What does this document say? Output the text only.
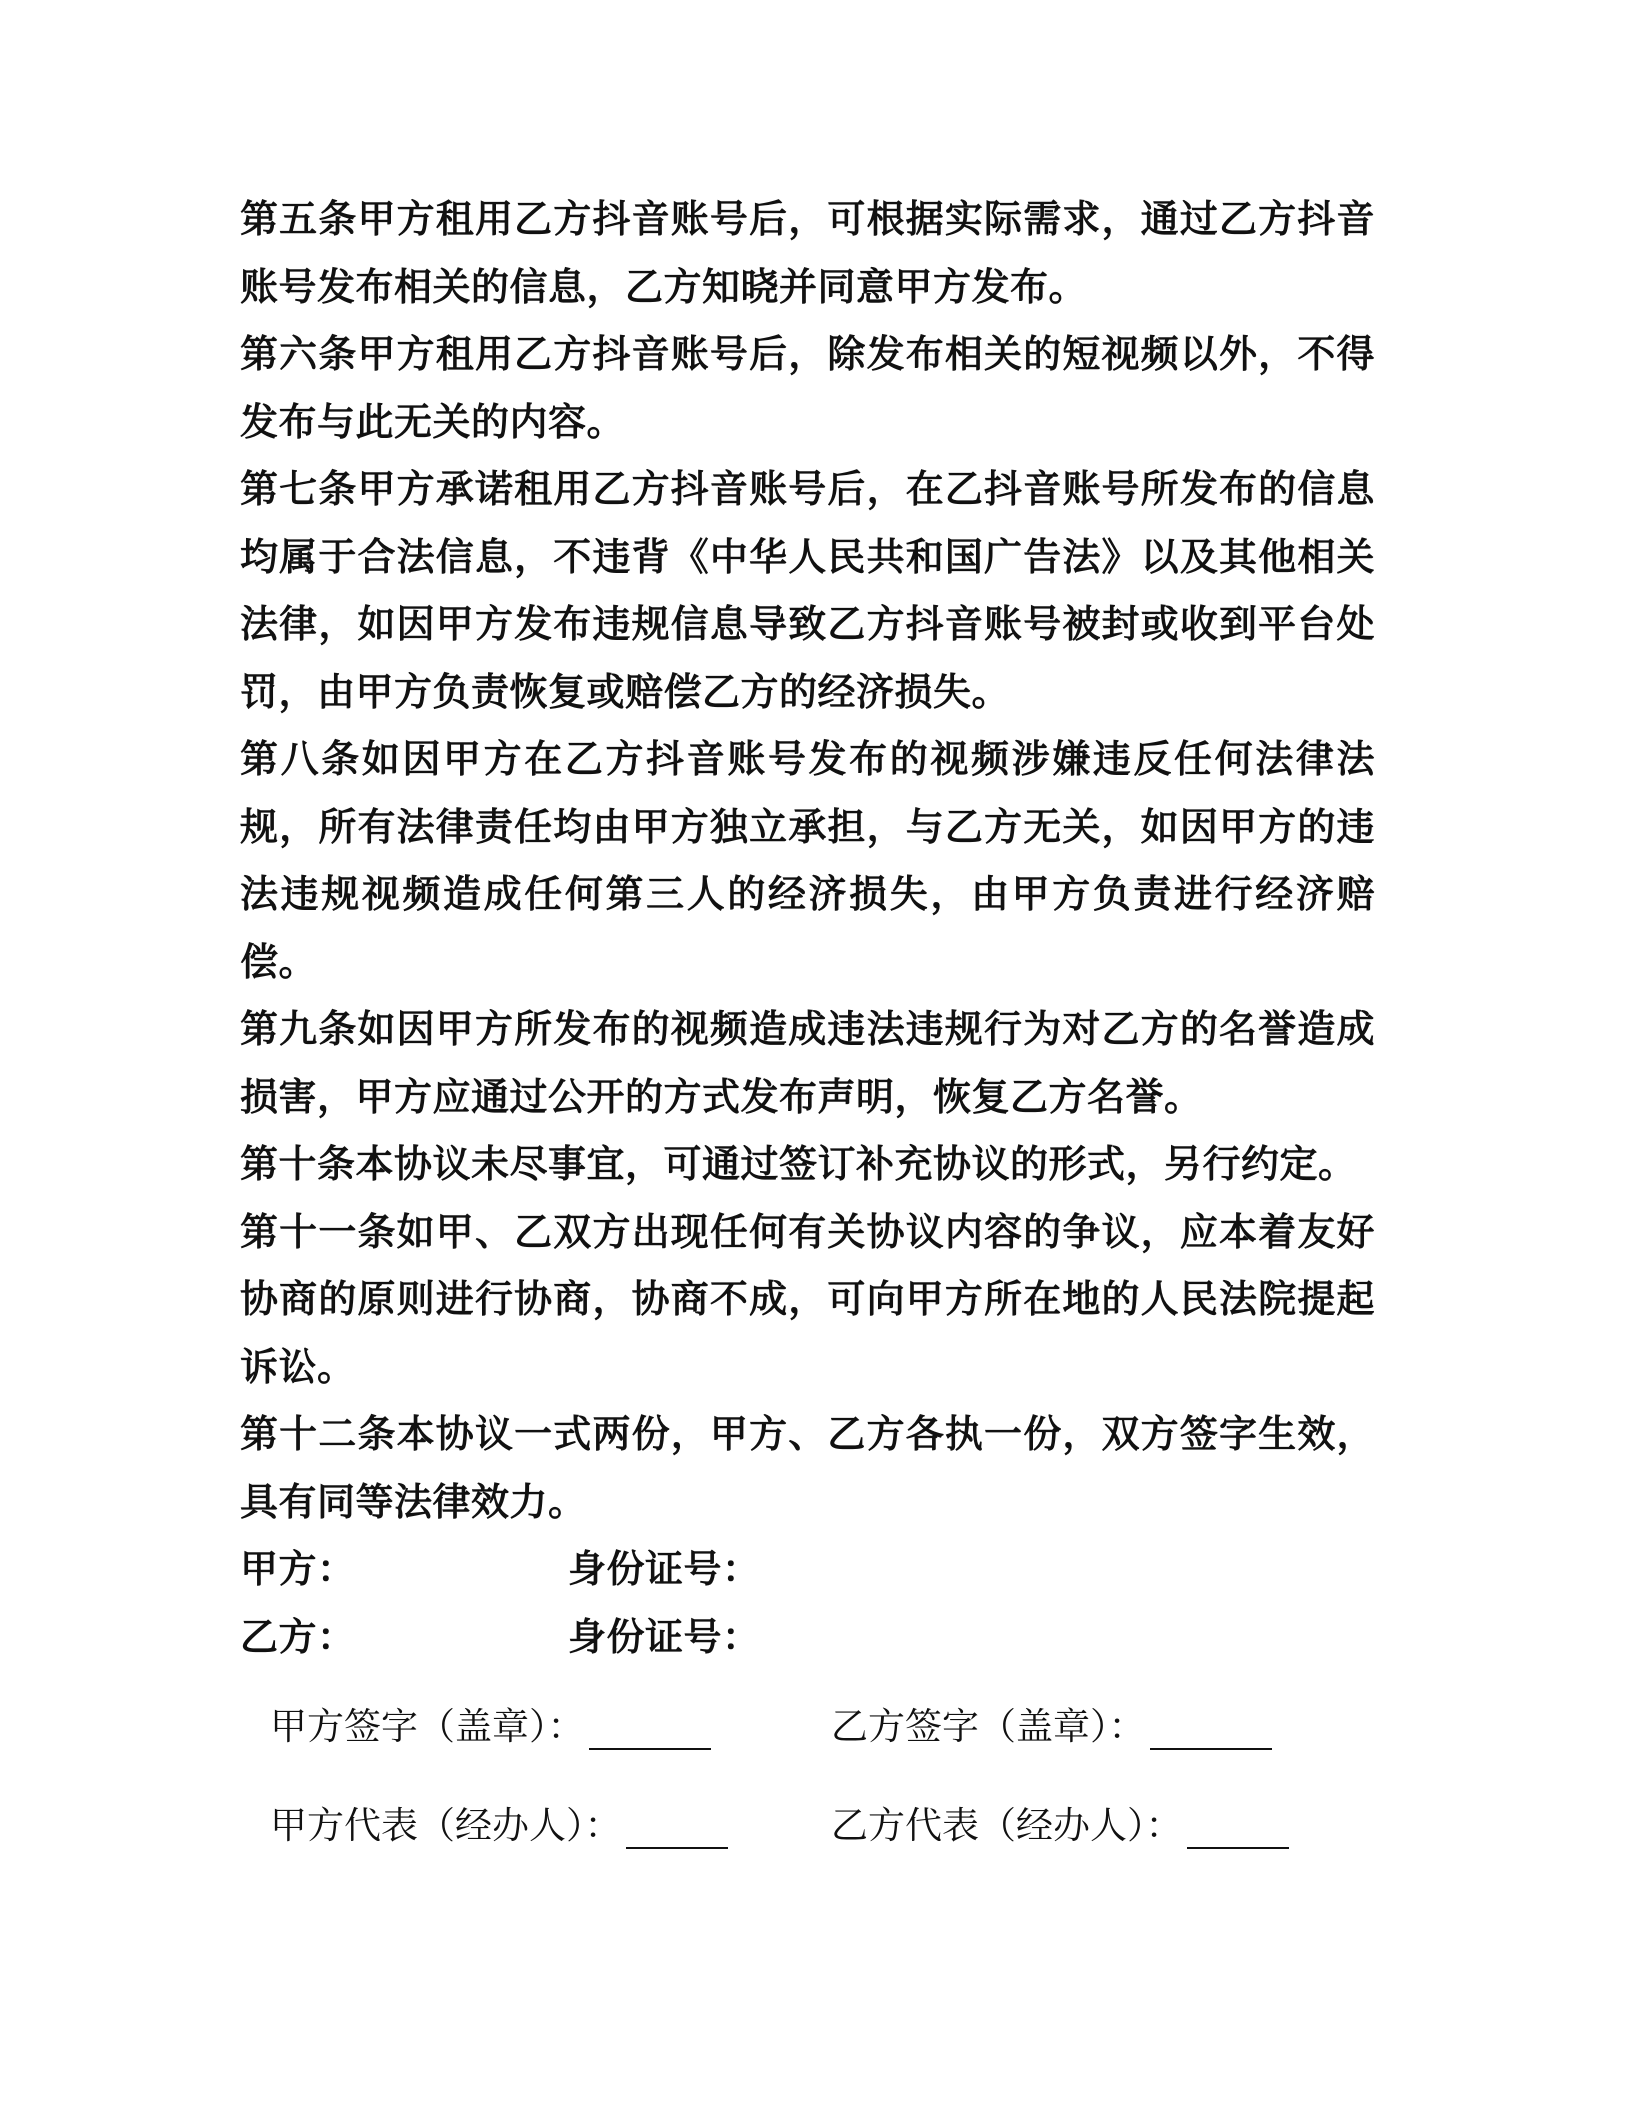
第五条甲方租用乙方抖音账号后，可根据实际需求，通过乙方抖音账号发布相关的信息，乙方知晓并同意甲方发布。

第六条甲方租用乙方抖音账号后，除发布相关的短视频以外，不得发布与此无关的内容。

第七条甲方承诺租用乙方抖音账号后，在乙抖音账号所发布的信息均属于合法信息，不违背《中华人民共和国广告法》以及其他相关法律，如因甲方发布违规信息导致乙方抖音账号被封或收到平台处罚，由甲方负责恢复或赔偿乙方的经济损失。

第八条如因甲方在乙方抖音账号发布的视频涉嫌违反任何法律法规，所有法律责任均由甲方独立承担，与乙方无关，如因甲方的违法违规视频造成任何第三人的经济损失，由甲方负责进行经济赔偿。

第九条如因甲方所发布的视频造成违法违规行为对乙方的名誉造成损害，甲方应通过公开的方式发布声明，恢复乙方名誉。

第十条本协议未尽事宜，可通过签订补充协议的形式，另行约定。

第十一条如甲、乙双方出现任何有关协议内容的争议，应本着友好协商的原则进行协商，协商不成，可向甲方所在地的人民法院提起诉讼。

第十二条本协议一式两份，甲方、乙方各执一份，双方签字生效，具有同等法律效力。

甲方：	身份证号：
乙方：	身份证号：
甲方签字（盖章）：	乙方签字（盖章）：
甲方代表（经办人）：	乙方代表（经办人）：
